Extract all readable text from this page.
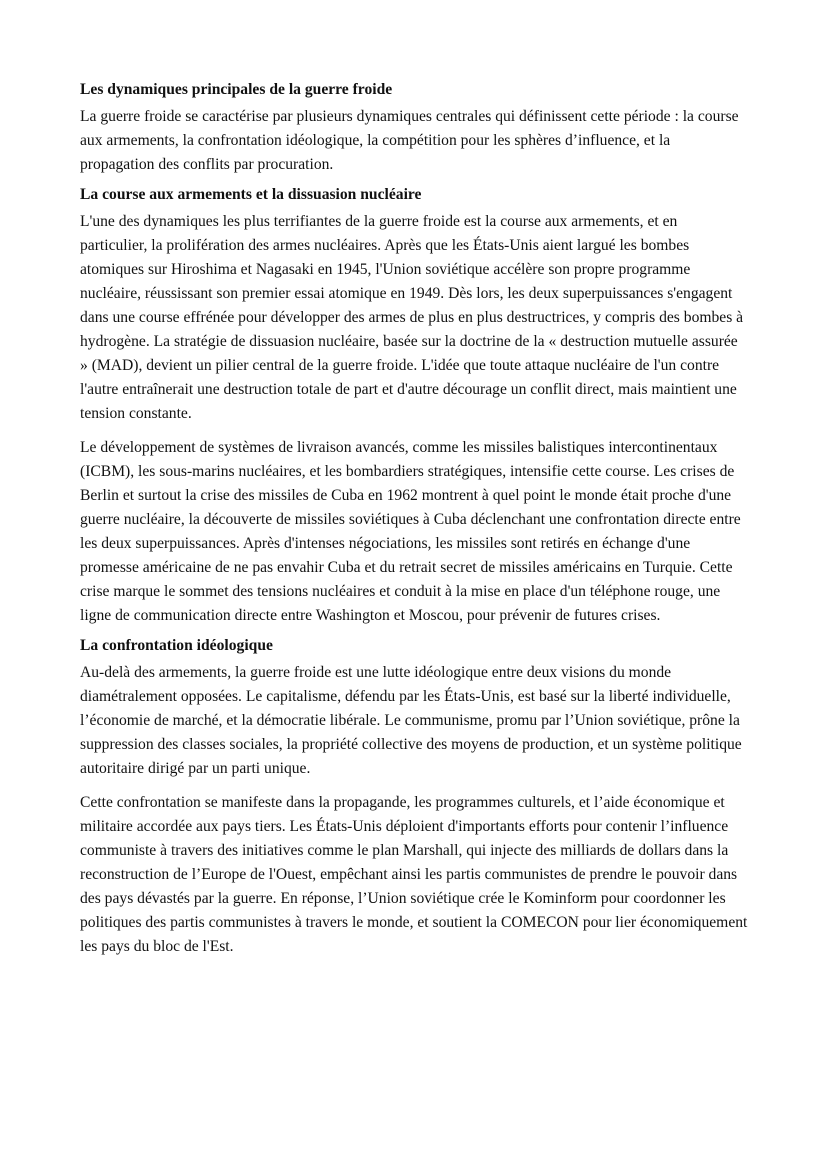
Les dynamiques principales de la guerre froide

La guerre froide se caractérise par plusieurs dynamiques centrales qui définissent cette période : la course aux armements, la confrontation idéologique, la compétition pour les sphères d’influence, et la propagation des conflits par procuration.

La course aux armements et la dissuasion nucléaire

L'une des dynamiques les plus terrifiantes de la guerre froide est la course aux armements, et en particulier, la prolifération des armes nucléaires. Après que les États-Unis aient largué les bombes atomiques sur Hiroshima et Nagasaki en 1945, l'Union soviétique accélère son propre programme nucléaire, réussissant son premier essai atomique en 1949. Dès lors, les deux superpuissances s'engagent dans une course effrénée pour développer des armes de plus en plus destructrices, y compris des bombes à hydrogène. La stratégie de dissuasion nucléaire, basée sur la doctrine de la « destruction mutuelle assurée » (MAD), devient un pilier central de la guerre froide. L'idée que toute attaque nucléaire de l'un contre l'autre entraînerait une destruction totale de part et d'autre décourage un conflit direct, mais maintient une tension constante.

Le développement de systèmes de livraison avancés, comme les missiles balistiques intercontinentaux (ICBM), les sous-marins nucléaires, et les bombardiers stratégiques, intensifie cette course. Les crises de Berlin et surtout la crise des missiles de Cuba en 1962 montrent à quel point le monde était proche d'une guerre nucléaire, la découverte de missiles soviétiques à Cuba déclenchant une confrontation directe entre les deux superpuissances. Après d'intenses négociations, les missiles sont retirés en échange d'une promesse américaine de ne pas envahir Cuba et du retrait secret de missiles américains en Turquie. Cette crise marque le sommet des tensions nucléaires et conduit à la mise en place d'un téléphone rouge, une ligne de communication directe entre Washington et Moscou, pour prévenir de futures crises.

La confrontation idéologique

Au-delà des armements, la guerre froide est une lutte idéologique entre deux visions du monde diamétralement opposées. Le capitalisme, défendu par les États-Unis, est basé sur la liberté individuelle, l’économie de marché, et la démocratie libérale. Le communisme, promu par l’Union soviétique, prône la suppression des classes sociales, la propriété collective des moyens de production, et un système politique autoritaire dirigé par un parti unique.

Cette confrontation se manifeste dans la propagande, les programmes culturels, et l’aide économique et militaire accordée aux pays tiers. Les États-Unis déploient d'importants efforts pour contenir l’influence communiste à travers des initiatives comme le plan Marshall, qui injecte des milliards de dollars dans la reconstruction de l’Europe de l'Ouest, empêchant ainsi les partis communistes de prendre le pouvoir dans des pays dévastés par la guerre. En réponse, l’Union soviétique crée le Kominform pour coordonner les politiques des partis communistes à travers le monde, et soutient la COMECON pour lier économiquement les pays du bloc de l'Est.
